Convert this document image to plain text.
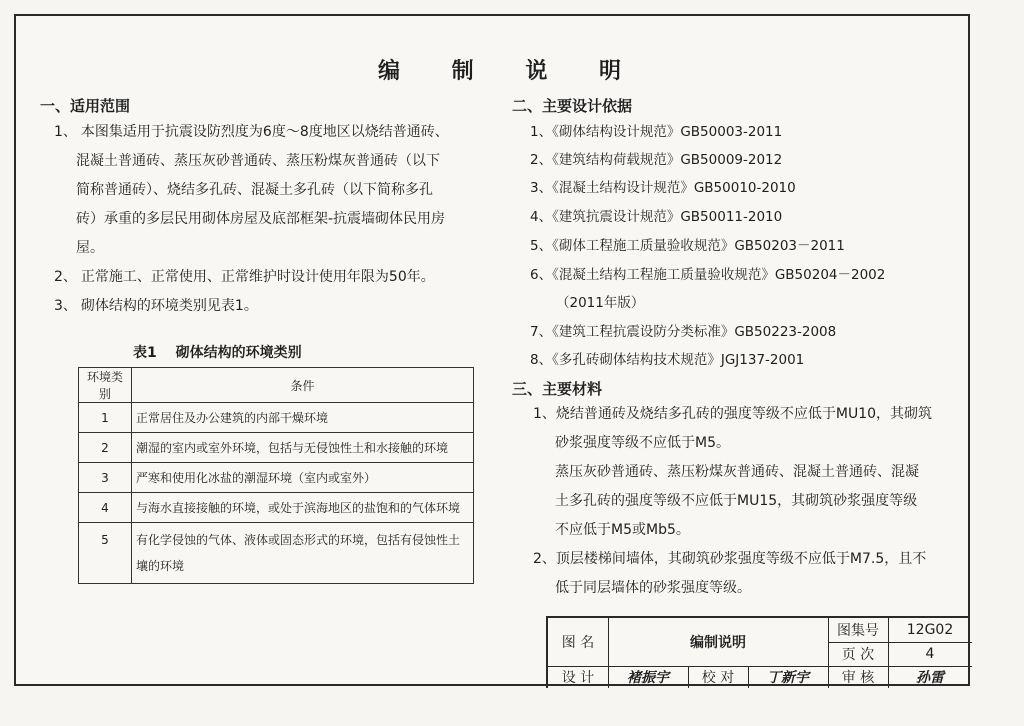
编 制 说 明
一、适用范围
1、 本图集适用于抗震设防烈度为6度～8度地区以烧结普通砖、
混凝土普通砖、蒸压灰砂普通砖、蒸压粉煤灰普通砖（以下
简称普通砖）、烧结多孔砖、混凝土多孔砖（以下简称多孔
砖）承重的多层民用砌体房屋及底部框架-抗震墙砌体民用房
屋。
2、 正常施工、正常使用、正常维护时设计使用年限为50年。
3、 砌体结构的环境类别见表1。
表1　 砌体结构的环境类别
环境类别	条件
1	正常居住及办公建筑的内部干燥环境
2	潮湿的室内或室外环境，包括与无侵蚀性土和水接触的环境
3	严寒和使用化冰盐的潮湿环境（室内或室外）
4	与海水直接接触的环境，或处于滨海地区的盐饱和的气体环境
5	有化学侵蚀的气体、液体或固态形式的环境，包括有侵蚀性土壤的环境
二、主要设计依据
1、《砌体结构设计规范》GB50003-2011
2、《建筑结构荷载规范》GB50009-2012
3、《混凝土结构设计规范》GB50010-2010
4、《建筑抗震设计规范》GB50011-2010
5、《砌体工程施工质量验收规范》GB50203－2011
6、《混凝土结构工程施工质量验收规范》GB50204－2002
（2011年版）
7、《建筑工程抗震设防分类标准》GB50223-2008
8、《多孔砖砌体结构技术规范》JGJ137-2001
三、主要材料
1、烧结普通砖及烧结多孔砖的强度等级不应低于MU10，其砌筑
砂浆强度等级不应低于M5。
蒸压灰砂普通砖、蒸压粉煤灰普通砖、混凝土普通砖、混凝
土多孔砖的强度等级不应低于MU15，其砌筑砂浆强度等级
不应低于M5或Mb5。
2、顶层楼梯间墙体，其砌筑砂浆强度等级不应低于M7.5，且不
低于同层墙体的砂浆强度等级。
图 名	编制说明
图集号	12G02
页 次	4
设 计	褚振宇	校 对	丁新宇	审 核	孙雷
